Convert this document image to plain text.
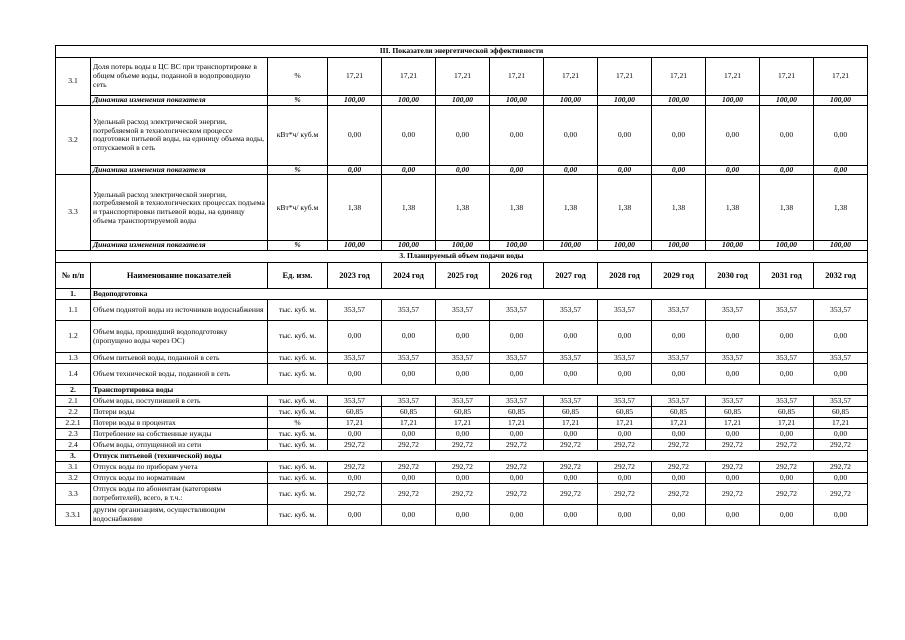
III. Показатели энергетической эффективности												
3.1	Доля потерь воды в ЦС ВС при транспортировке в общем объеме воды, поданной в водопроводную сеть	%	17,21	17,21	17,21	17,21	17,21	17,21	17,21	17,21	17,21	17,21
	Динамика изменения показателя	%	100,00	100,00	100,00	100,00	100,00	100,00	100,00	100,00	100,00	100,00
3.2	Удельный расход электрической энергии, потребляемой в технологическом процессе подготовки питьевой воды, на единицу объема воды, отпускаемой в сеть	кВт*ч/ куб.м	0,00	0,00	0,00	0,00	0,00	0,00	0,00	0,00	0,00	0,00
	Динамика изменения показателя	%	0,00	0,00	0,00	0,00	0,00	0,00	0,00	0,00	0,00	0,00
3.3	Удельный расход электрической энергии, потребляемой в технологических процессах подъема и транспортировки питьевой воды, на единицу объема транспортируемой воды	кВт*ч/ куб.м	1,38	1,38	1,38	1,38	1,38	1,38	1,38	1,38	1,38	1,38
	Динамика изменения показателя	%	100,00	100,00	100,00	100,00	100,00	100,00	100,00	100,00	100,00	100,00
3. Планируемый объем подачи воды												
№ п/п	Наименование показателей	Ед. изм.	2023 год	2024 год	2025 год	2026 год	2027 год	2028 год	2029 год	2030 год	2031 год	2032 год
1.	Водоподготовка											
1.1	Объем поднятой воды из источников водоснабжения	тыс. куб. м.	353,57	353,57	353,57	353,57	353,57	353,57	353,57	353,57	353,57	353,57
1.2	Объем воды, прошедший водоподготовку (пропущено воды через ОС)	тыс. куб. м.	0,00	0,00	0,00	0,00	0,00	0,00	0,00	0,00	0,00	0,00
1.3	Объем питьевой воды, поданной в сеть	тыс. куб. м.	353,57	353,57	353,57	353,57	353,57	353,57	353,57	353,57	353,57	353,57
1.4	Объем технической воды, поданной в сеть	тыс. куб. м.	0,00	0,00	0,00	0,00	0,00	0,00	0,00	0,00	0,00	0,00
2.	Транспортировка воды											
2.1	Объем воды, поступившей в сеть	тыс. куб. м.	353,57	353,57	353,57	353,57	353,57	353,57	353,57	353,57	353,57	353,57
2.2	Потери воды	тыс. куб. м.	60,85	60,85	60,85	60,85	60,85	60,85	60,85	60,85	60,85	60,85
2.2.1	Потери воды в процентах	%	17,21	17,21	17,21	17,21	17,21	17,21	17,21	17,21	17,21	17,21
2.3	Потребление на собственные нужды	тыс. куб. м.	0,00	0,00	0,00	0,00	0,00	0,00	0,00	0,00	0,00	0,00
2.4	Объем воды, отпущенной из сети	тыс. куб. м.	292,72	292,72	292,72	292,72	292,72	292,72	292,72	292,72	292,72	292,72
3.	Отпуск питьевой (технической) воды											
3.1	Отпуск воды по приборам учета	тыс. куб. м.	292,72	292,72	292,72	292,72	292,72	292,72	292,72	292,72	292,72	292,72
3.2	Отпуск воды по нормативам	тыс. куб. м.	0,00	0,00	0,00	0,00	0,00	0,00	0,00	0,00	0,00	0,00
3.3	Отпуск воды по абонентам (категориям потребителей), всего, в т.ч.:	тыс. куб. м.	292,72	292,72	292,72	292,72	292,72	292,72	292,72	292,72	292,72	292,72
3.3.1	другим организациям, осуществляющим водоснабжение	тыс. куб. м.	0,00	0,00	0,00	0,00	0,00	0,00	0,00	0,00	0,00	0,00
